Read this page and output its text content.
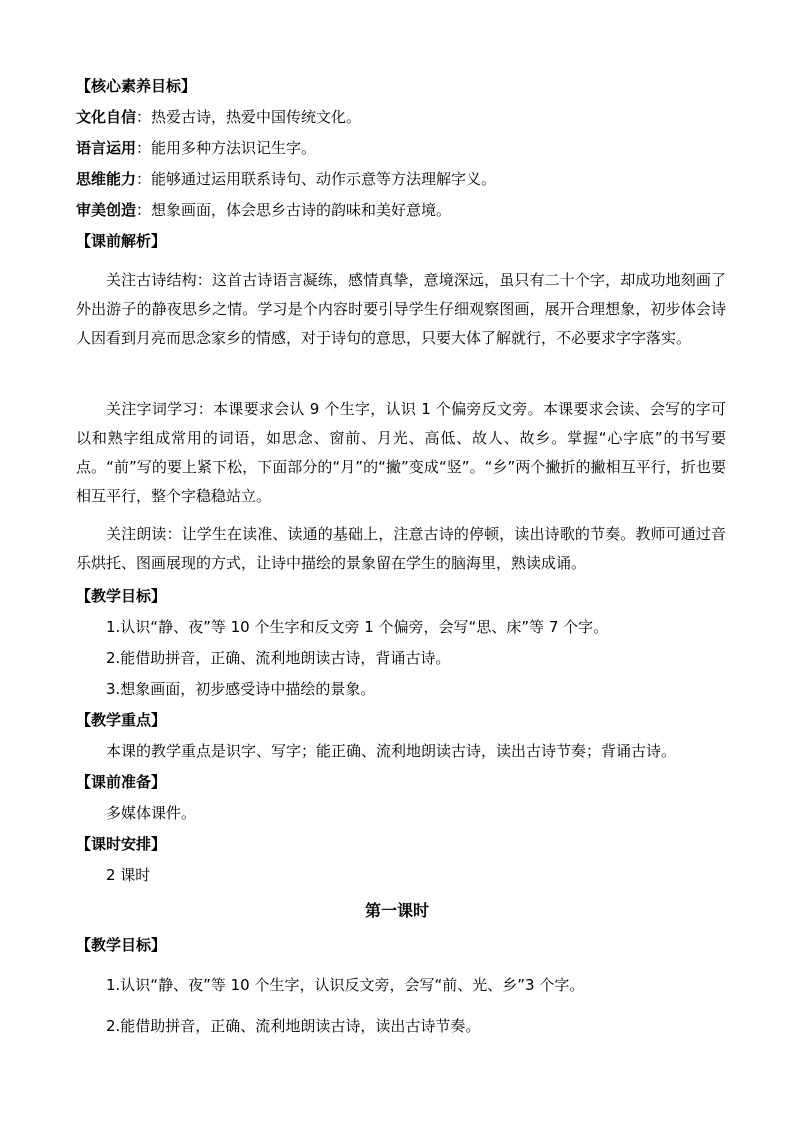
【核心素养目标】
文化自信：热爱古诗，热爱中国传统文化。
语言运用：能用多种方法识记生字。
思维能力：能够通过运用联系诗句、动作示意等方法理解字义。
审美创造：想象画面，体会思乡古诗的韵味和美好意境。
【课前解析】
关注古诗结构：这首古诗语言凝练，感情真挚，意境深远，虽只有二十个字，却成功地刻画了外出游子的静夜思乡之情。学习是个内容时要引导学生仔细观察图画，展开合理想象，初步体会诗人因看到月亮而思念家乡的情感，对于诗句的意思，只要大体了解就行，不必要求字字落实。
关注字词学习：本课要求会认 9 个生字，认识 1 个偏旁反文旁。本课要求会读、会写的字可以和熟字组成常用的词语，如思念、窗前、月光、高低、故人、故乡。掌握“心字底”的书写要点。“前”写的要上紧下松，下面部分的“月”的“撇”变成“竖”。“乡”两个撇折的撇相互平行，折也要相互平行，整个字稳稳站立。
关注朗读：让学生在读准、读通的基础上，注意古诗的停顿，读出诗歌的节奏。教师可通过音乐烘托、图画展现的方式，让诗中描绘的景象留在学生的脑海里，熟读成诵。
【教学目标】
1.认识“静、夜”等 10 个生字和反文旁 1 个偏旁，会写“思、床”等 7 个字。
2.能借助拼音，正确、流利地朗读古诗，背诵古诗。
3.想象画面，初步感受诗中描绘的景象。
【教学重点】
本课的教学重点是识字、写字；能正确、流利地朗读古诗，读出古诗节奏；背诵古诗。
【课前准备】
多媒体课件。
【课时安排】
2 课时
第一课时
【教学目标】
1.认识“静、夜”等 10 个生字，认识反文旁，会写“前、光、乡”3 个字。
2.能借助拼音，正确、流利地朗读古诗，读出古诗节奏。
